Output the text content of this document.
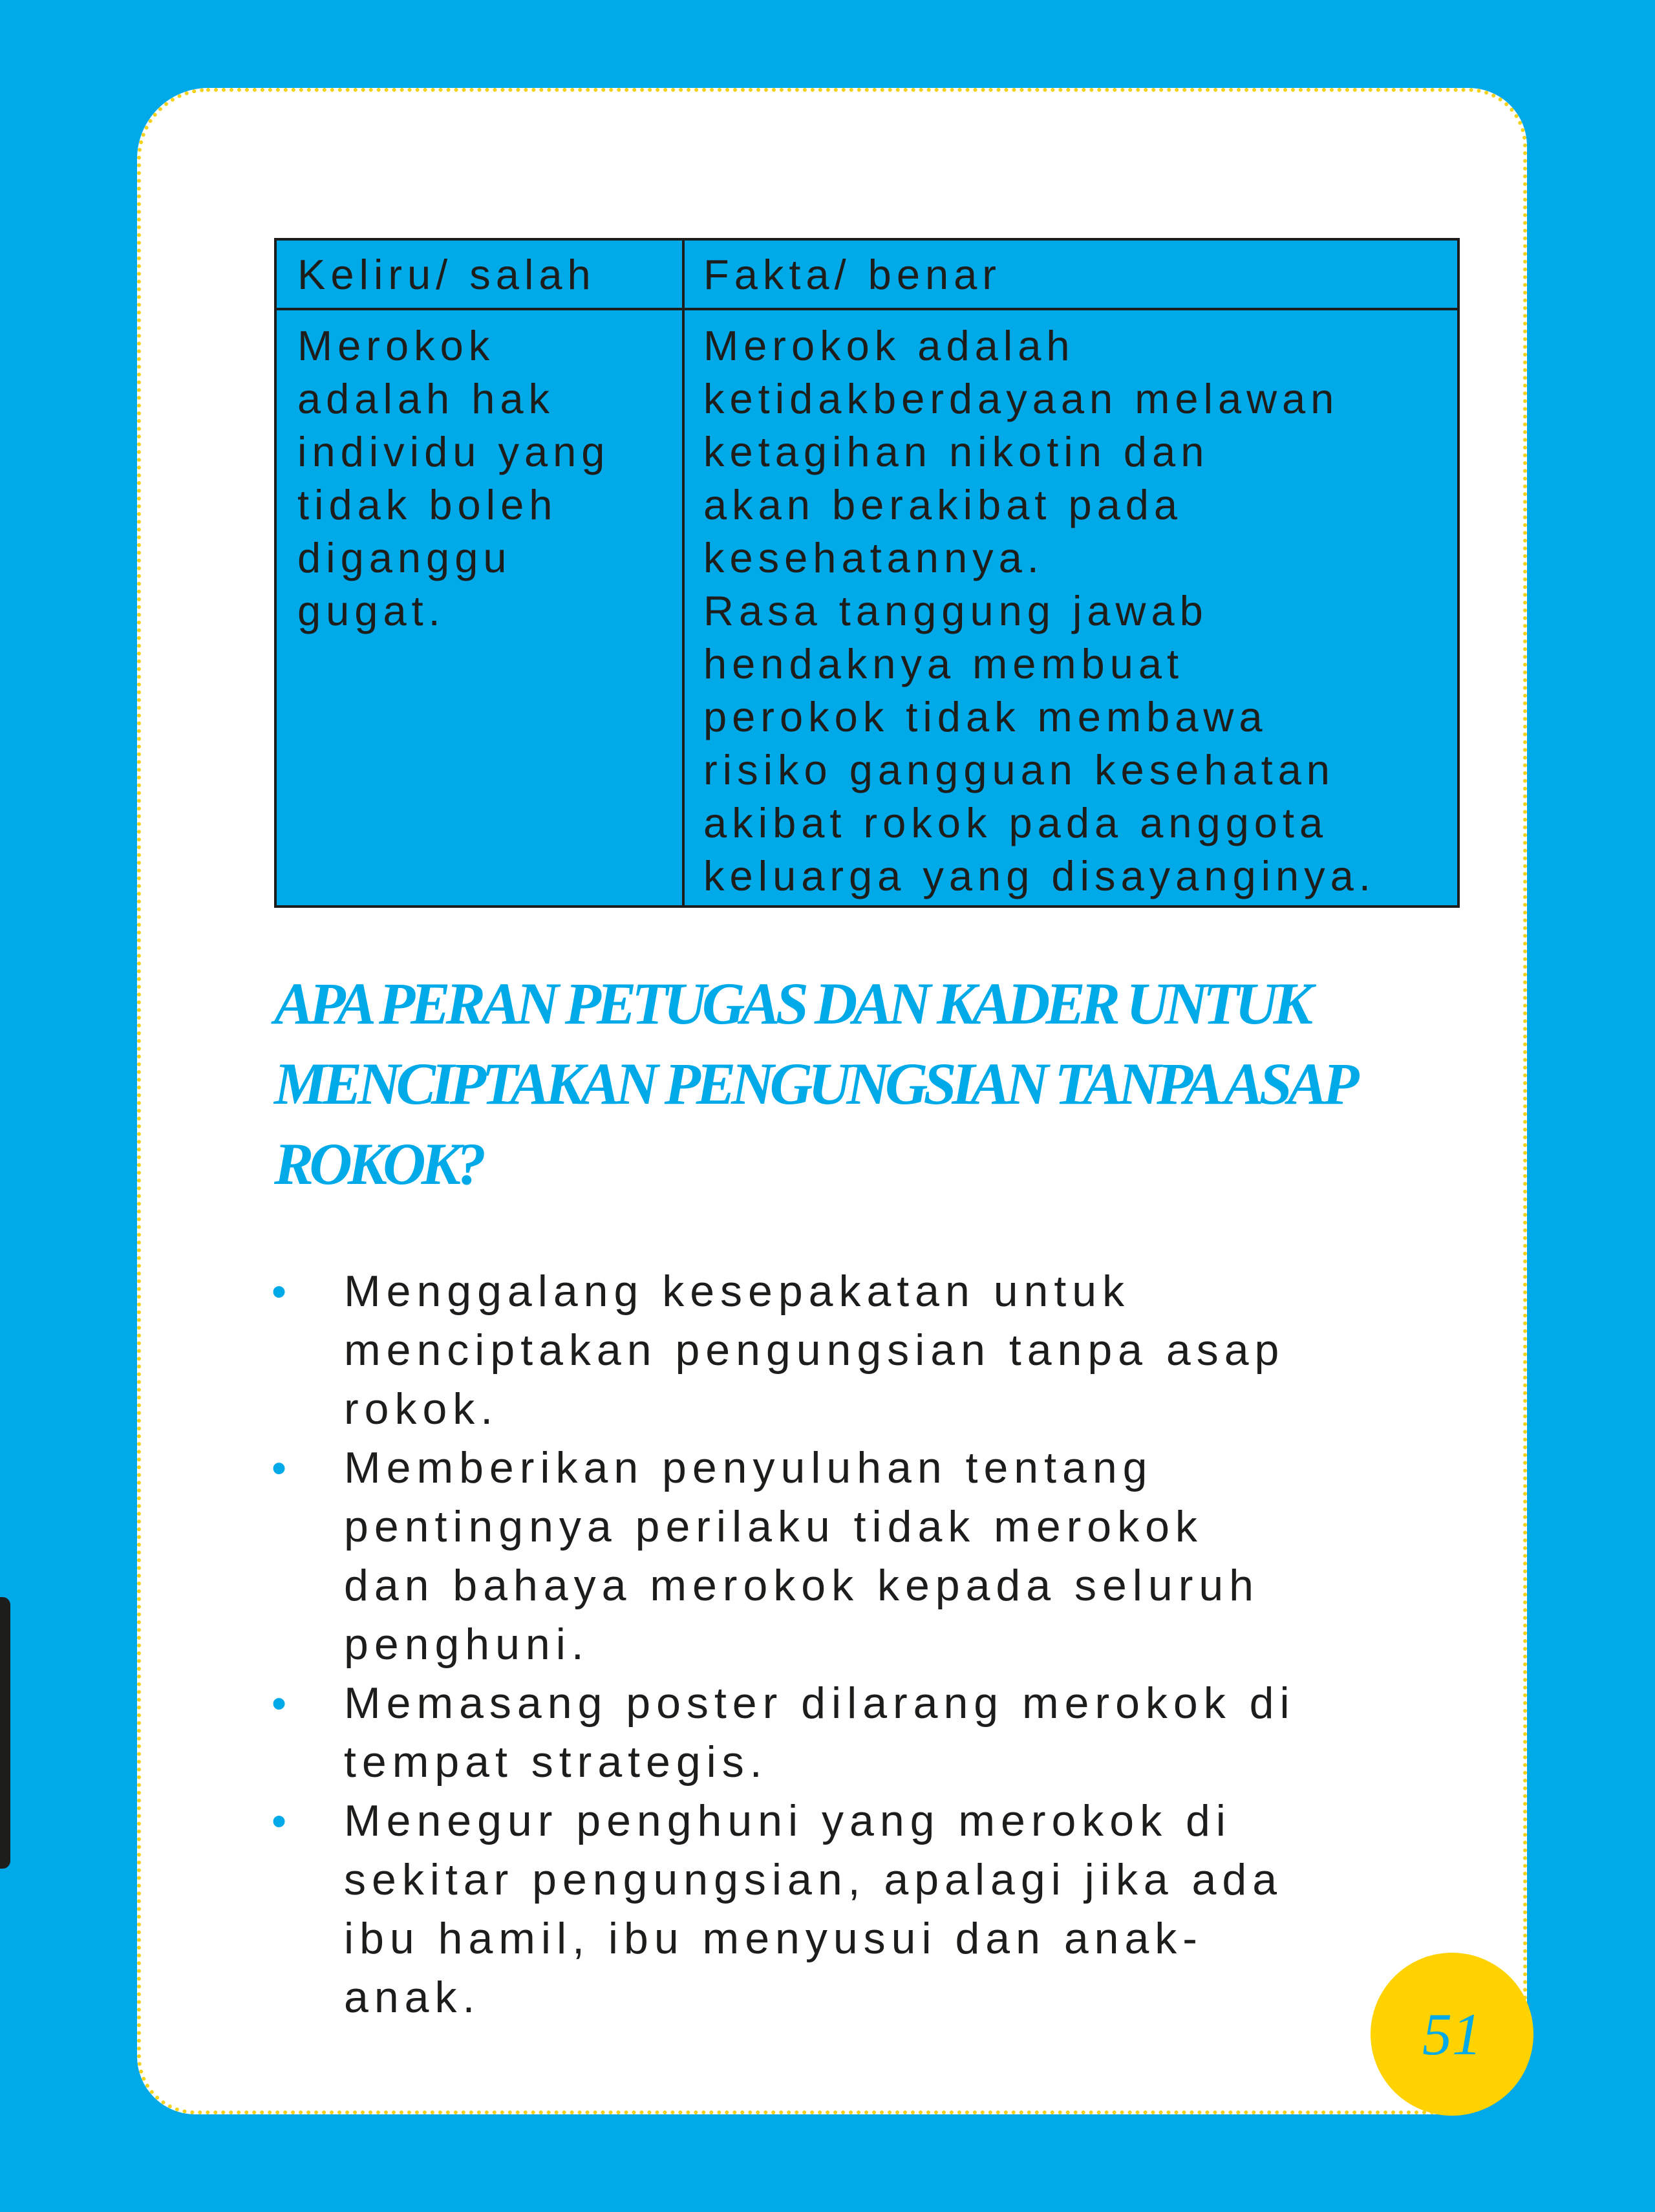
Keliru/ salah	Fakta/ benar

Merokok
adalah hak
individu yang
tidak boleh
diganggu
gugat.

Merokok adalah
ketidakberdayaan melawan
ketagihan nikotin dan
akan berakibat pada
kesehatannya.
Rasa tanggung jawab
hendaknya membuat
perokok tidak membawa
risiko gangguan kesehatan
akibat rokok pada anggota
keluarga yang disayanginya.

APA PERAN PETUGAS DAN KADER UNTUK
MENCIPTAKAN PENGUNGSIAN TANPA ASAP
ROKOK?
• Menggalang kesepakatan untuk
menciptakan pengungsian tanpa asap
rokok.
• Memberikan penyuluhan tentang
pentingnya perilaku tidak merokok
dan bahaya merokok kepada seluruh
penghuni.
• Memasang poster dilarang merokok di
tempat strategis.
• Menegur penghuni yang merokok di
sekitar pengungsian, apalagi jika ada
ibu hamil, ibu menyusui dan anak-
anak.
51
